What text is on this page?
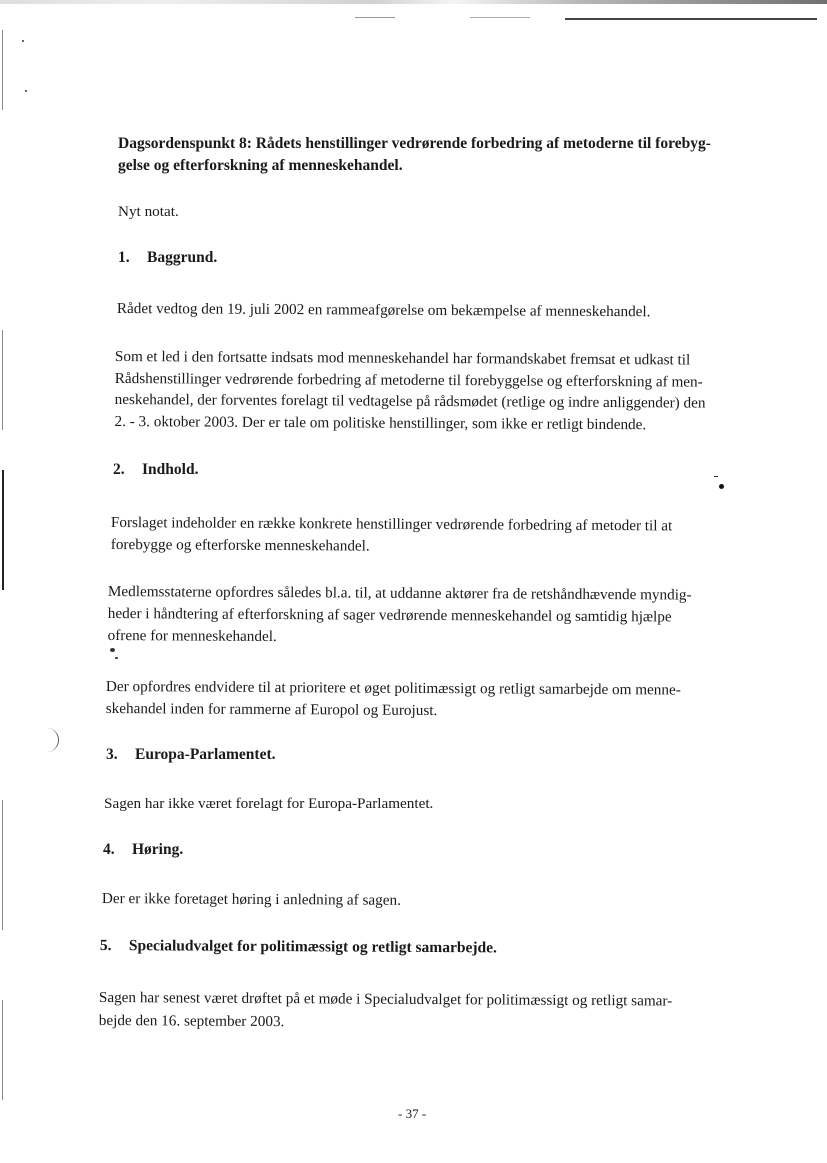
Dagsordenspunkt 8: Rådets henstillinger vedrørende forbedring af metoderne til forebyg-
gelse og efterforskning af menneskehandel.
Nyt notat.
1. Baggrund.
Rådet vedtog den 19. juli 2002 en rammeafgørelse om bekæmpelse af menneskehandel.
Som et led i den fortsatte indsats mod menneskehandel har formandskabet fremsat et udkast til
Rådshenstillinger vedrørende forbedring af metoderne til forebyggelse og efterforskning af men-
neskehandel, der forventes forelagt til vedtagelse på rådsmødet (retlige og indre anliggender) den
2. - 3. oktober 2003. Der er tale om politiske henstillinger, som ikke er retligt bindende.
2. Indhold.
Forslaget indeholder en række konkrete henstillinger vedrørende forbedring af metoder til at
forebygge og efterforske menneskehandel.
Medlemsstaterne opfordres således bl.a. til, at uddanne aktører fra de retshåndhævende myndig-
heder i håndtering af efterforskning af sager vedrørende menneskehandel og samtidig hjælpe
ofrene for menneskehandel.
Der opfordres endvidere til at prioritere et øget politimæssigt og retligt samarbejde om menne-
skehandel inden for rammerne af Europol og Eurojust.
3. Europa-Parlamentet.
Sagen har ikke været forelagt for Europa-Parlamentet.
4. Høring.
Der er ikke foretaget høring i anledning af sagen.
5. Specialudvalget for politimæssigt og retligt samarbejde.
Sagen har senest været drøftet på et møde i Specialudvalget for politimæssigt og retligt samar-
bejde den 16. september 2003.
- 37 -
